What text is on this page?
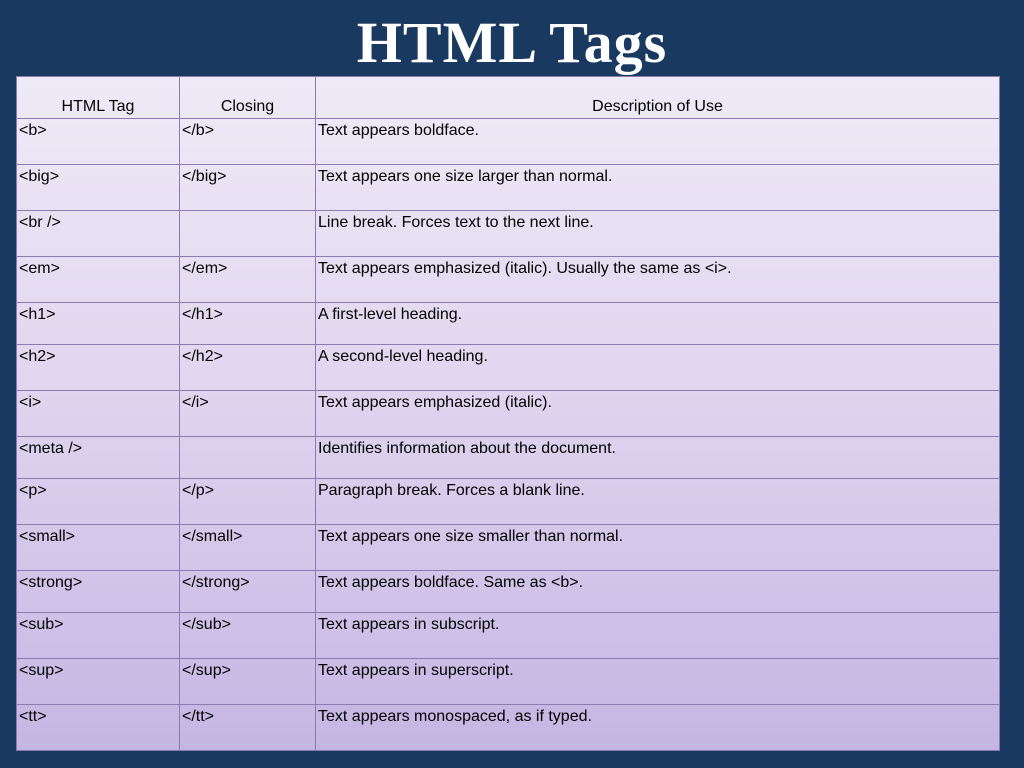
HTML Tags
HTML Tag	Closing	Description of Use
<b>	</b>	Text appears boldface.
<big>	</big>	Text appears one size larger than normal.
<br />		Line break. Forces text to the next line.
<em>	</em>	Text appears emphasized (italic). Usually the same as <i>.
<h1>	</h1>	A first-level heading.
<h2>	</h2>	A second-level heading.
<i>	</i>	Text appears emphasized (italic).
<meta />		Identifies information about the document.
<p>	</p>	Paragraph break. Forces a blank line.
<small>	</small>	Text appears one size smaller than normal.
<strong>	</strong>	Text appears boldface. Same as <b>.
<sub>	</sub>	Text appears in subscript.
<sup>	</sup>	Text appears in superscript.
<tt>	</tt>	Text appears monospaced, as if typed.
